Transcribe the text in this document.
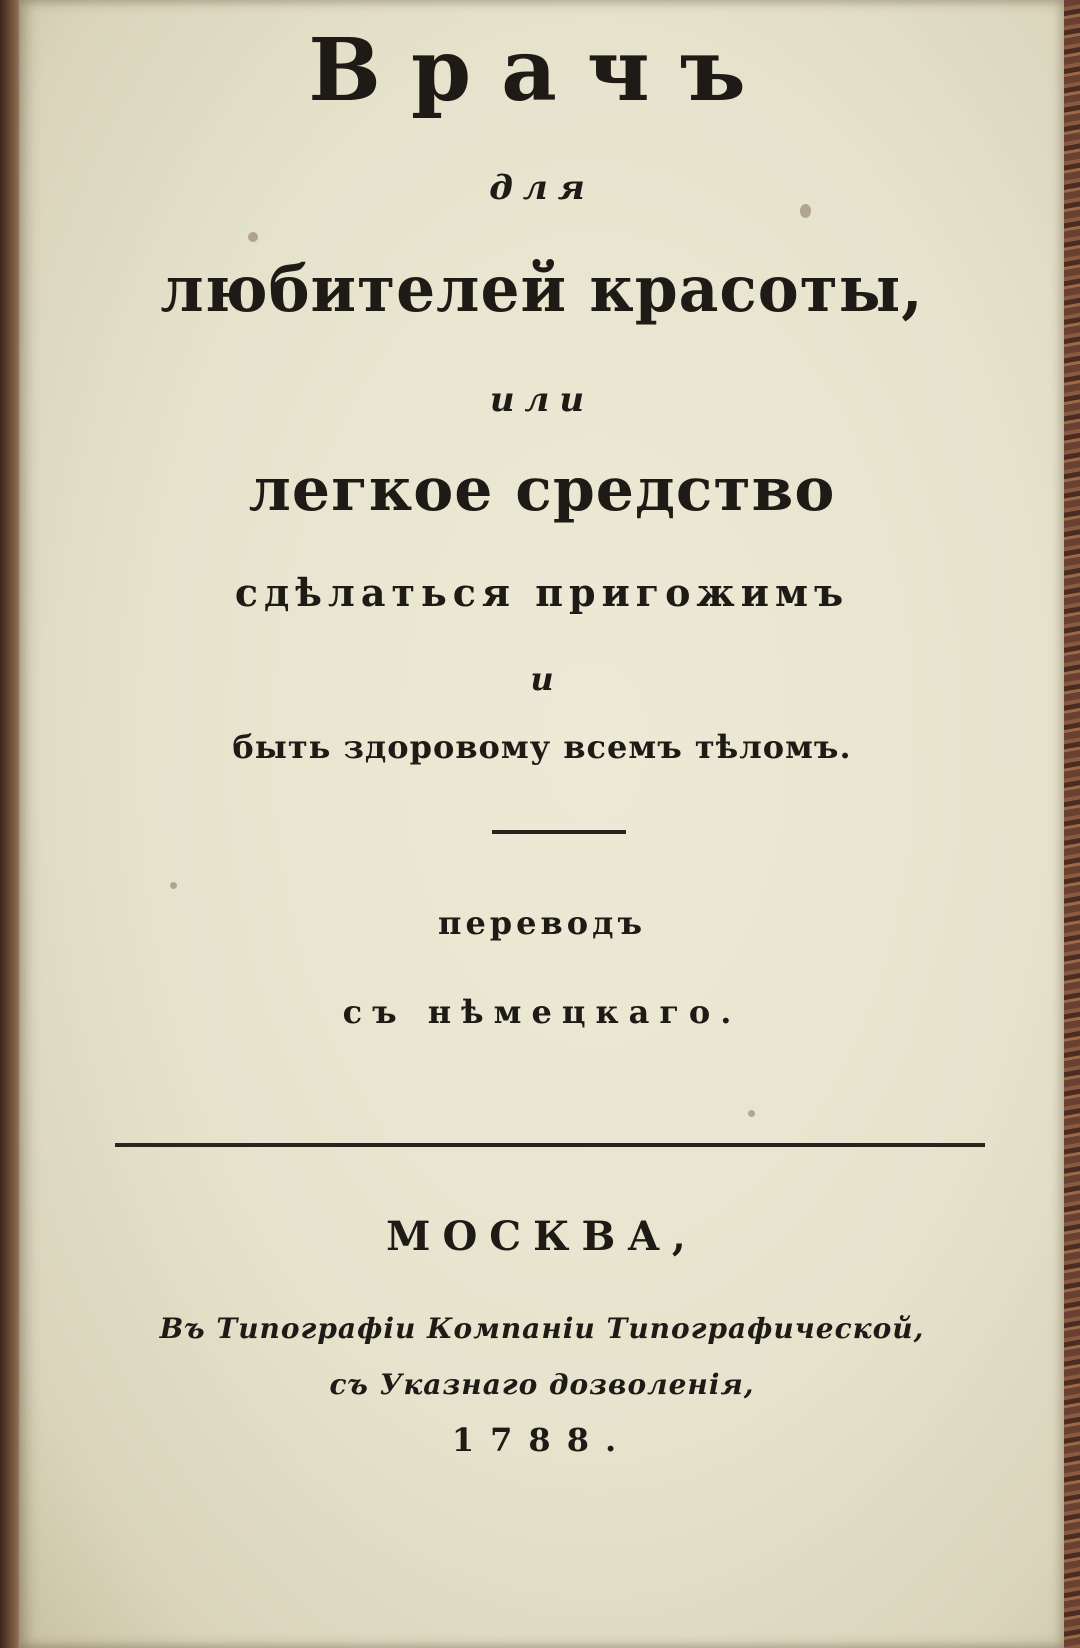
Врачъ
для
любителей красоты,
или
легкое средство
сдѣлаться пригожимъ
и
быть здоровому всемъ тѣломъ.
переводъ
съ нѣмецкаго.
МОСКВА,
Въ Типографiи Компанiи Типографической,
съ Указнаго дозволенiя,
1788.
